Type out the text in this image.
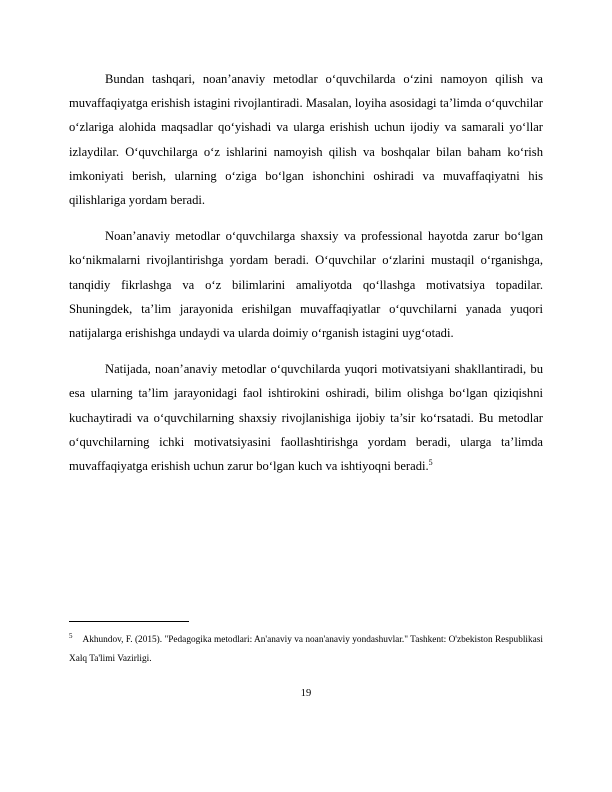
Bundan tashqari, noan’anaviy metodlar o‘quvchilarda o‘zini namoyon qilish va muvaffaqiyatga erishish istagini rivojlantiradi. Masalan, loyiha asosidagi ta’limda o‘quvchilar o‘zlariga alohida maqsadlar qo‘yishadi va ularga erishish uchun ijodiy va samarali yo‘llar izlaydilar. O‘quvchilarga o‘z ishlarini namoyish qilish va boshqalar bilan baham ko‘rish imkoniyati berish, ularning o‘ziga bo‘lgan ishonchini oshiradi va muvaffaqiyatni his qilishlariga yordam beradi.

Noan’anaviy metodlar o‘quvchilarga shaxsiy va professional hayotda zarur bo‘lgan ko‘nikmalarni rivojlantirishga yordam beradi. O‘quvchilar o‘zlarini mustaqil o‘rganishga, tanqidiy fikrlashga va o‘z bilimlarini amaliyotda qo‘llashga motivatsiya topadilar. Shuningdek, ta’lim jarayonida erishilgan muvaffaqiyatlar o‘quvchilarni yanada yuqori natijalarga erishishga undaydi va ularda doimiy o‘rganish istagini uyg‘otadi.

Natijada, noan’anaviy metodlar o‘quvchilarda yuqori motivatsiyani shakllantiradi, bu esa ularning ta’lim jarayonidagi faol ishtirokini oshiradi, bilim olishga bo‘lgan qiziqishni kuchaytiradi va o‘quvchilarning shaxsiy rivojlanishiga ijobiy ta’sir ko‘rsatadi. Bu metodlar o‘quvchilarning ichki motivatsiyasini faollashtirishga yordam beradi, ularga ta’limda muvaffaqiyatga erishish uchun zarur bo‘lgan kuch va ishtiyoqni beradi.$^5$

$^5$ Akhundov, F. (2015). "Pedagogika metodlari: An'anaviy va noan'anaviy yondashuvlar." Tashkent: O'zbekiston Respublikasi Xalq Ta'limi Vazirligi.
19
